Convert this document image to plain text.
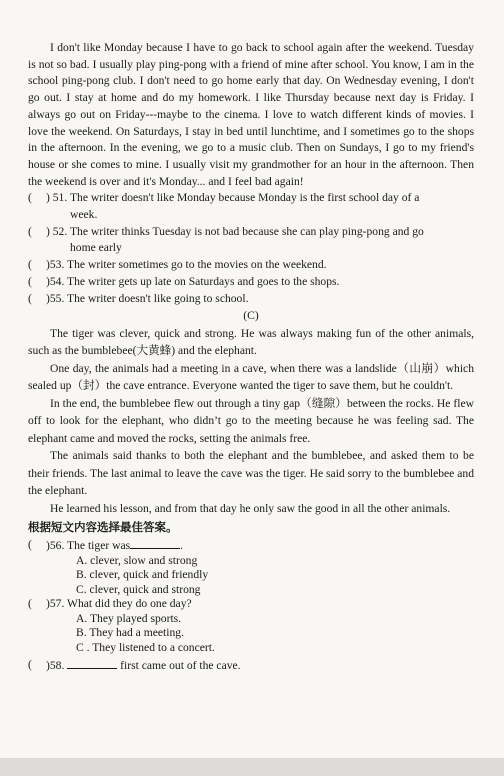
I don't like Monday because I have to go back to school again after the weekend. Tuesday is not so bad. I usually play ping-pong with a friend of mine after school. You know, I am in the school ping-pong club. I don't need to go home early that day. On Wednesday evening, I don't go out. I stay at home and do my homework. I like Thursday because next day is Friday. I always go out on Friday---maybe to the cinema. I love to watch different kinds of movies. I love the weekend. On Saturdays, I stay in bed until lunchtime, and I sometimes go to the shops in the afternoon. In the evening, we go to a music club. Then on Sundays, I go to my friend's house or she comes to mine. I usually visit my grandmother for an hour in the afternoon. Then the weekend is over and it's Monday... and I feel bad again!

(	) 51. The writer doesn't like Monday because Monday is the first school day of a
week.
(	) 52. The writer thinks Tuesday is not bad because she can play ping-pong and go
home early
(	)53. The writer sometimes go to the movies on the weekend.
(	)54. The writer gets up late on Saturdays and goes to the shops.
(	)55. The writer doesn't like going to school.

(C)

The tiger was clever, quick and strong. He was always making fun of the other animals, such as the bumblebee(大黄蜂) and the elephant.

One day, the animals had a meeting in a cave, when there was a landslide（山崩）which sealed up（封）the cave entrance. Everyone wanted the tiger to save them, but he couldn't.

In the end, the bumblebee flew out through a tiny gap（缝隙）between the rocks. He flew off to look for the elephant, who didn’t go to the meeting because he was feeling sad. The elephant came and moved the rocks, setting the animals free.

The animals said thanks to both the elephant and the bumblebee, and asked them to be their friends. The last animal to leave the cave was the tiger. He said sorry to the bumblebee and the elephant.

He learned his lesson, and from that day he only saw the good in all the other animals.

根据短文内容选择最佳答案。

(	)56. The tiger was	.

A. clever, slow and strong

B. clever, quick and friendly

C. clever, quick and strong

(	)57. What did they do one day?

A. They played sports.

B. They had a meeting.

C . They listened to a concert.

(	)58.	first came out of the cave.
